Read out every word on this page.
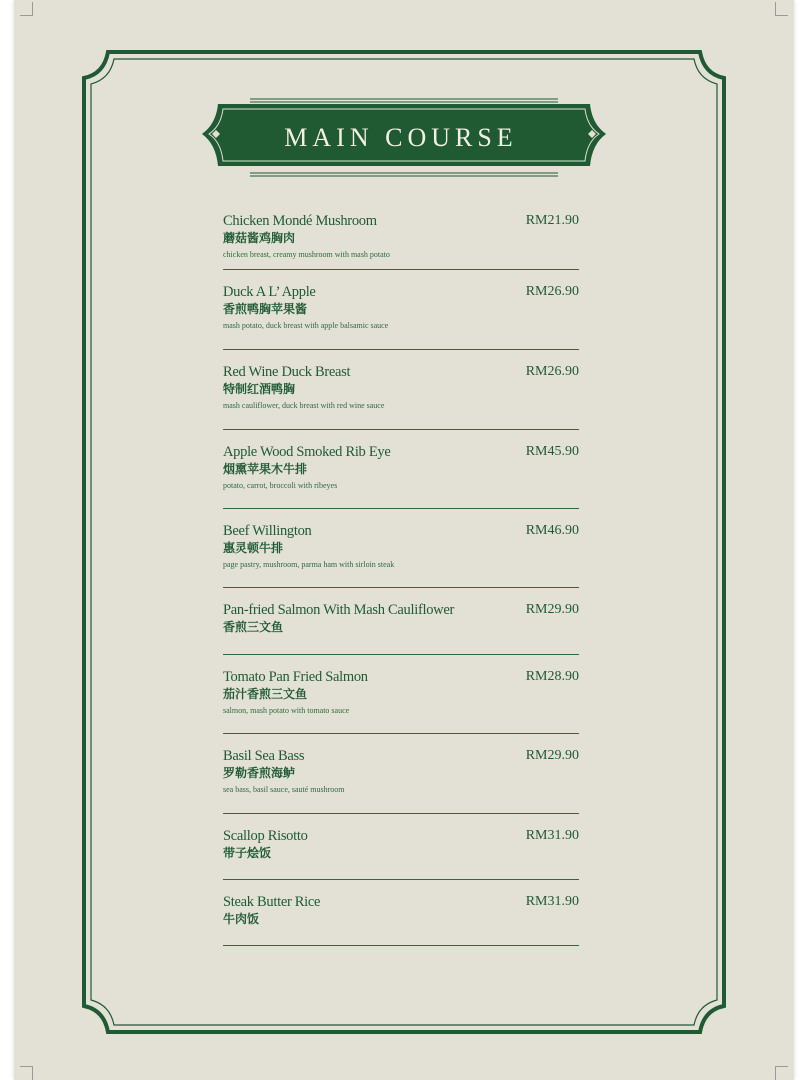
MAIN COURSE
Chicken Mondé Mushroom	RM21.90
蘑菇酱鸡胸肉
chicken breast, creamy mushroom with mash potato
Duck A L’ Apple	RM26.90
香煎鸭胸苹果酱
mash potato, duck breast with apple balsamic sauce
Red Wine Duck Breast	RM26.90
特制红酒鸭胸
mash cauliflower, duck breast with red wine sauce
Apple Wood Smoked Rib Eye	RM45.90
烟熏苹果木牛排
potato, carrot, broccoli with ribeyes
Beef Willington	RM46.90
惠灵顿牛排
page pastry, mushroom, parma ham with sirloin steak
Pan-fried Salmon With Mash Cauliflower	RM29.90
香煎三文鱼
Tomato Pan Fried Salmon	RM28.90
茄汁香煎三文鱼
salmon, mash potato with tomato sauce
Basil Sea Bass	RM29.90
罗勒香煎海鲈
sea bass, basil sauce, sauté mushroom
Scallop Risotto	RM31.90
带子烩饭
Steak Butter Rice	RM31.90
牛肉饭
